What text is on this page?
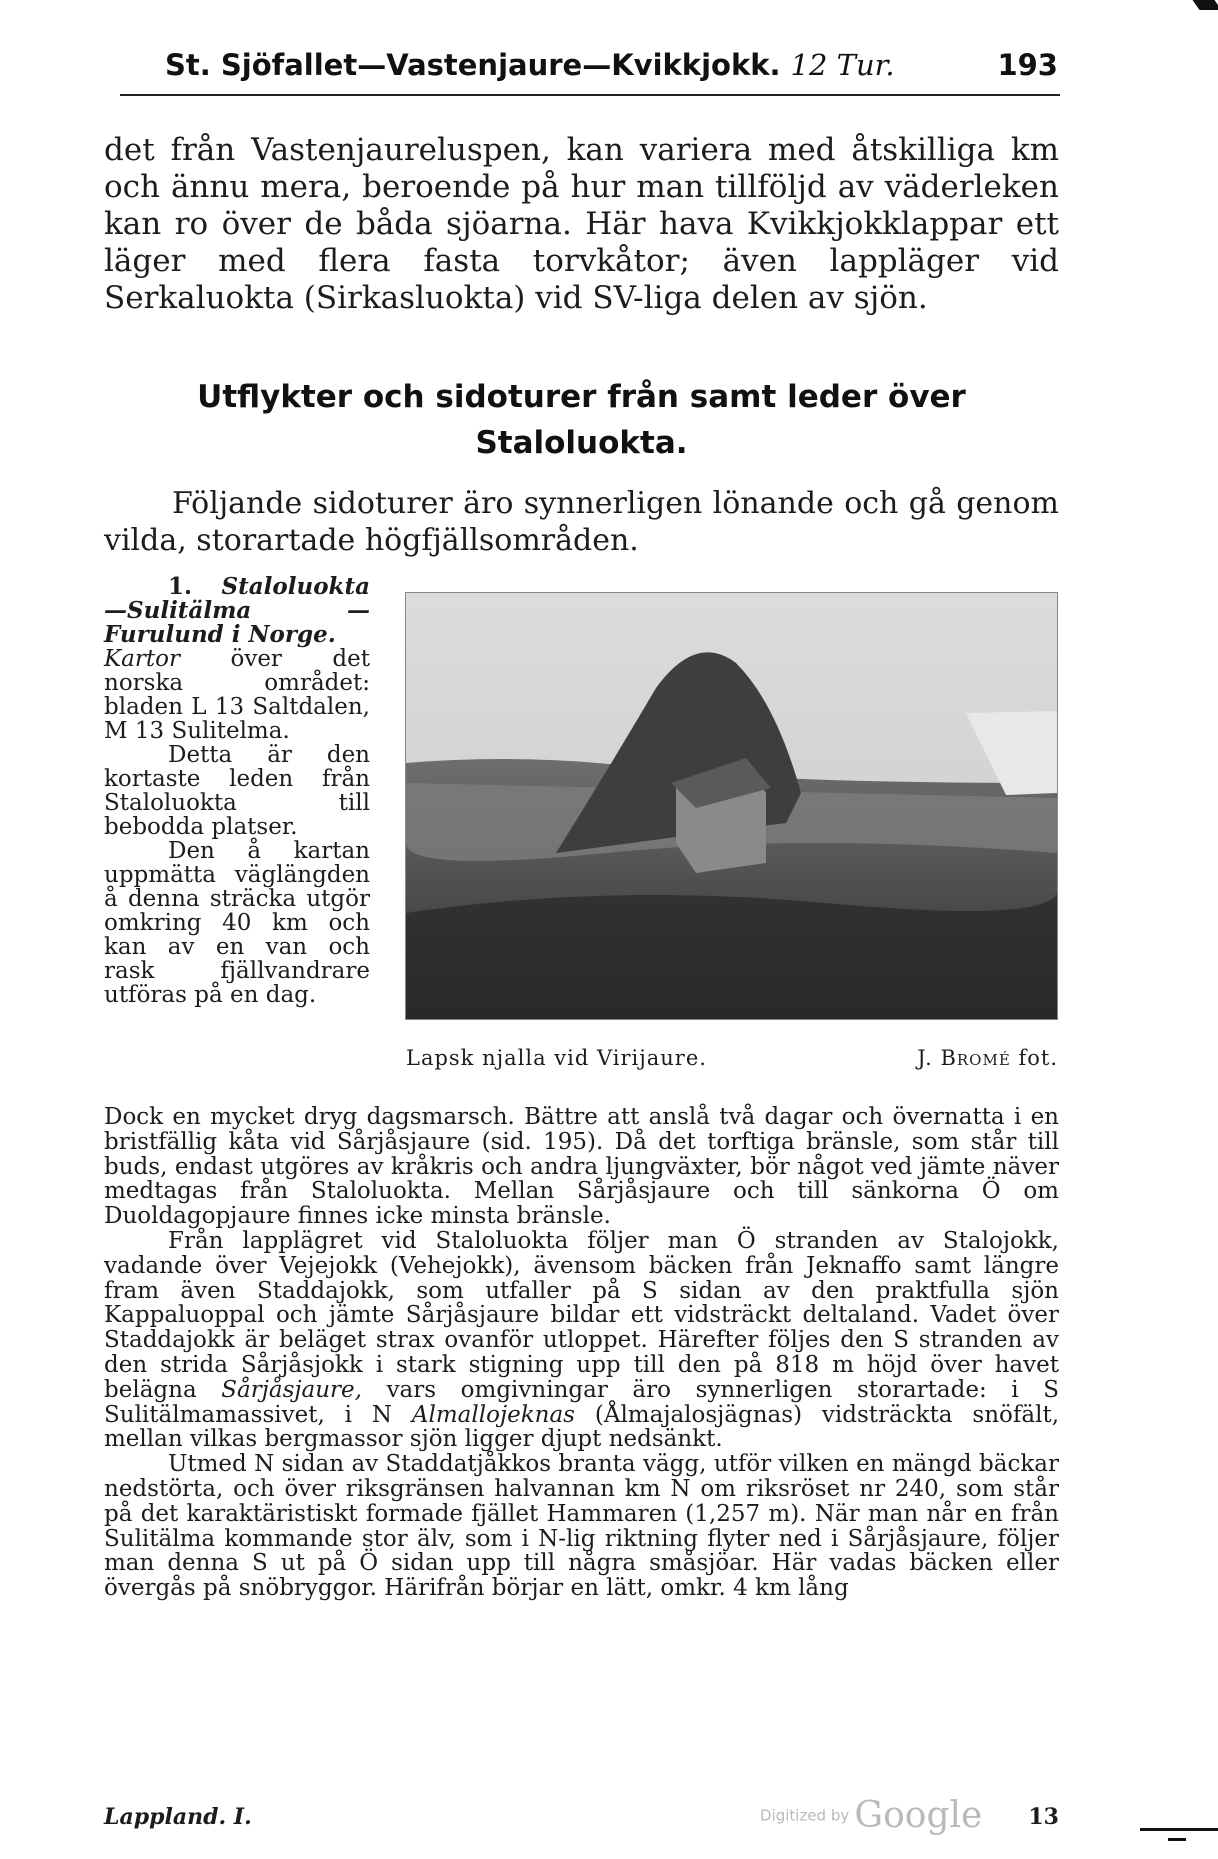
St. Sjöfallet—Vastenjaure—Kvikkjokk. 12 Tur.	193

det från Vastenjaureluspen, kan variera med åtskilliga km och ännu mera, beroende på hur man tillföljd av väderleken kan ro över de båda sjöarna. Här hava Kvikkjokklappar ett läger med flera fasta torvkåtor; även lappläger vid Serkaluokta (Sirkasluokta) vid SV-liga delen av sjön.

Utflykter och sidoturer från samt leder över
Staloluokta.

Följande sidoturer äro synnerligen lönande och gå genom vilda, storartade högfjällsområden.

1. Staloluokta —Sulitälma —Furulund i Norge.

Kartor över det norska området: bladen L 13 Saltdalen, M 13 Sulitelma.

Detta är den kortaste leden från Staloluokta till bebodda platser.

Den å kartan uppmätta väglängden å denna sträcka utgör omkring 40 km och kan av en van och rask fjällvandrare utföras på en dag.

Lapsk njalla vid Virijaure.	J. Bromé fot.

Dock en mycket dryg dagsmarsch. Bättre att anslå två dagar och övernatta i en bristfällig kåta vid Sårjåsjaure (sid. 195). Då det torftiga bränsle, som står till buds, endast utgöres av kråkris och andra ljungväxter, bör något ved jämte näver medtagas från Staloluokta. Mellan Sårjåsjaure och till sänkorna Ö om Duoldagopjaure finnes icke minsta bränsle.

Från lapplägret vid Staloluokta följer man Ö stranden av Stalojokk, vadande över Vejejokk (Vehejokk), ävensom bäcken från Jeknaffo samt längre fram även Staddajokk, som utfaller på S sidan av den praktfulla sjön Kappaluoppal och jämte Sårjåsjaure bildar ett vidsträckt deltaland. Vadet över Staddajokk är beläget strax ovanför utloppet. Härefter följes den S stranden av den strida Sårjåsjokk i stark stigning upp till den på 818 m höjd över havet belägna Sårjåsjaure, vars omgivningar äro synnerligen storartade: i S Sulitälmamassivet, i N Almallojeknas (Ålmajalosjägnas) vidsträckta snöfält, mellan vilkas bergmassor sjön ligger djupt nedsänkt.

Utmed N sidan av Staddatjåkkos branta vägg, utför vilken en mängd bäckar nedstörta, och över riksgränsen halvannan km N om riksröset nr 240, som står på det karaktäristiskt formade fjället Hammaren (1,257 m). När man når en från Sulitälma kommande stor älv, som i N-lig riktning flyter ned i Sårjåsjaure, följer man denna S ut på Ö sidan upp till några småsjöar. Här vadas bäcken eller övergås på snöbryggor. Härifrån börjar en lätt, omkr. 4 km lång

Lappland. I.	13
Digitized by Google
